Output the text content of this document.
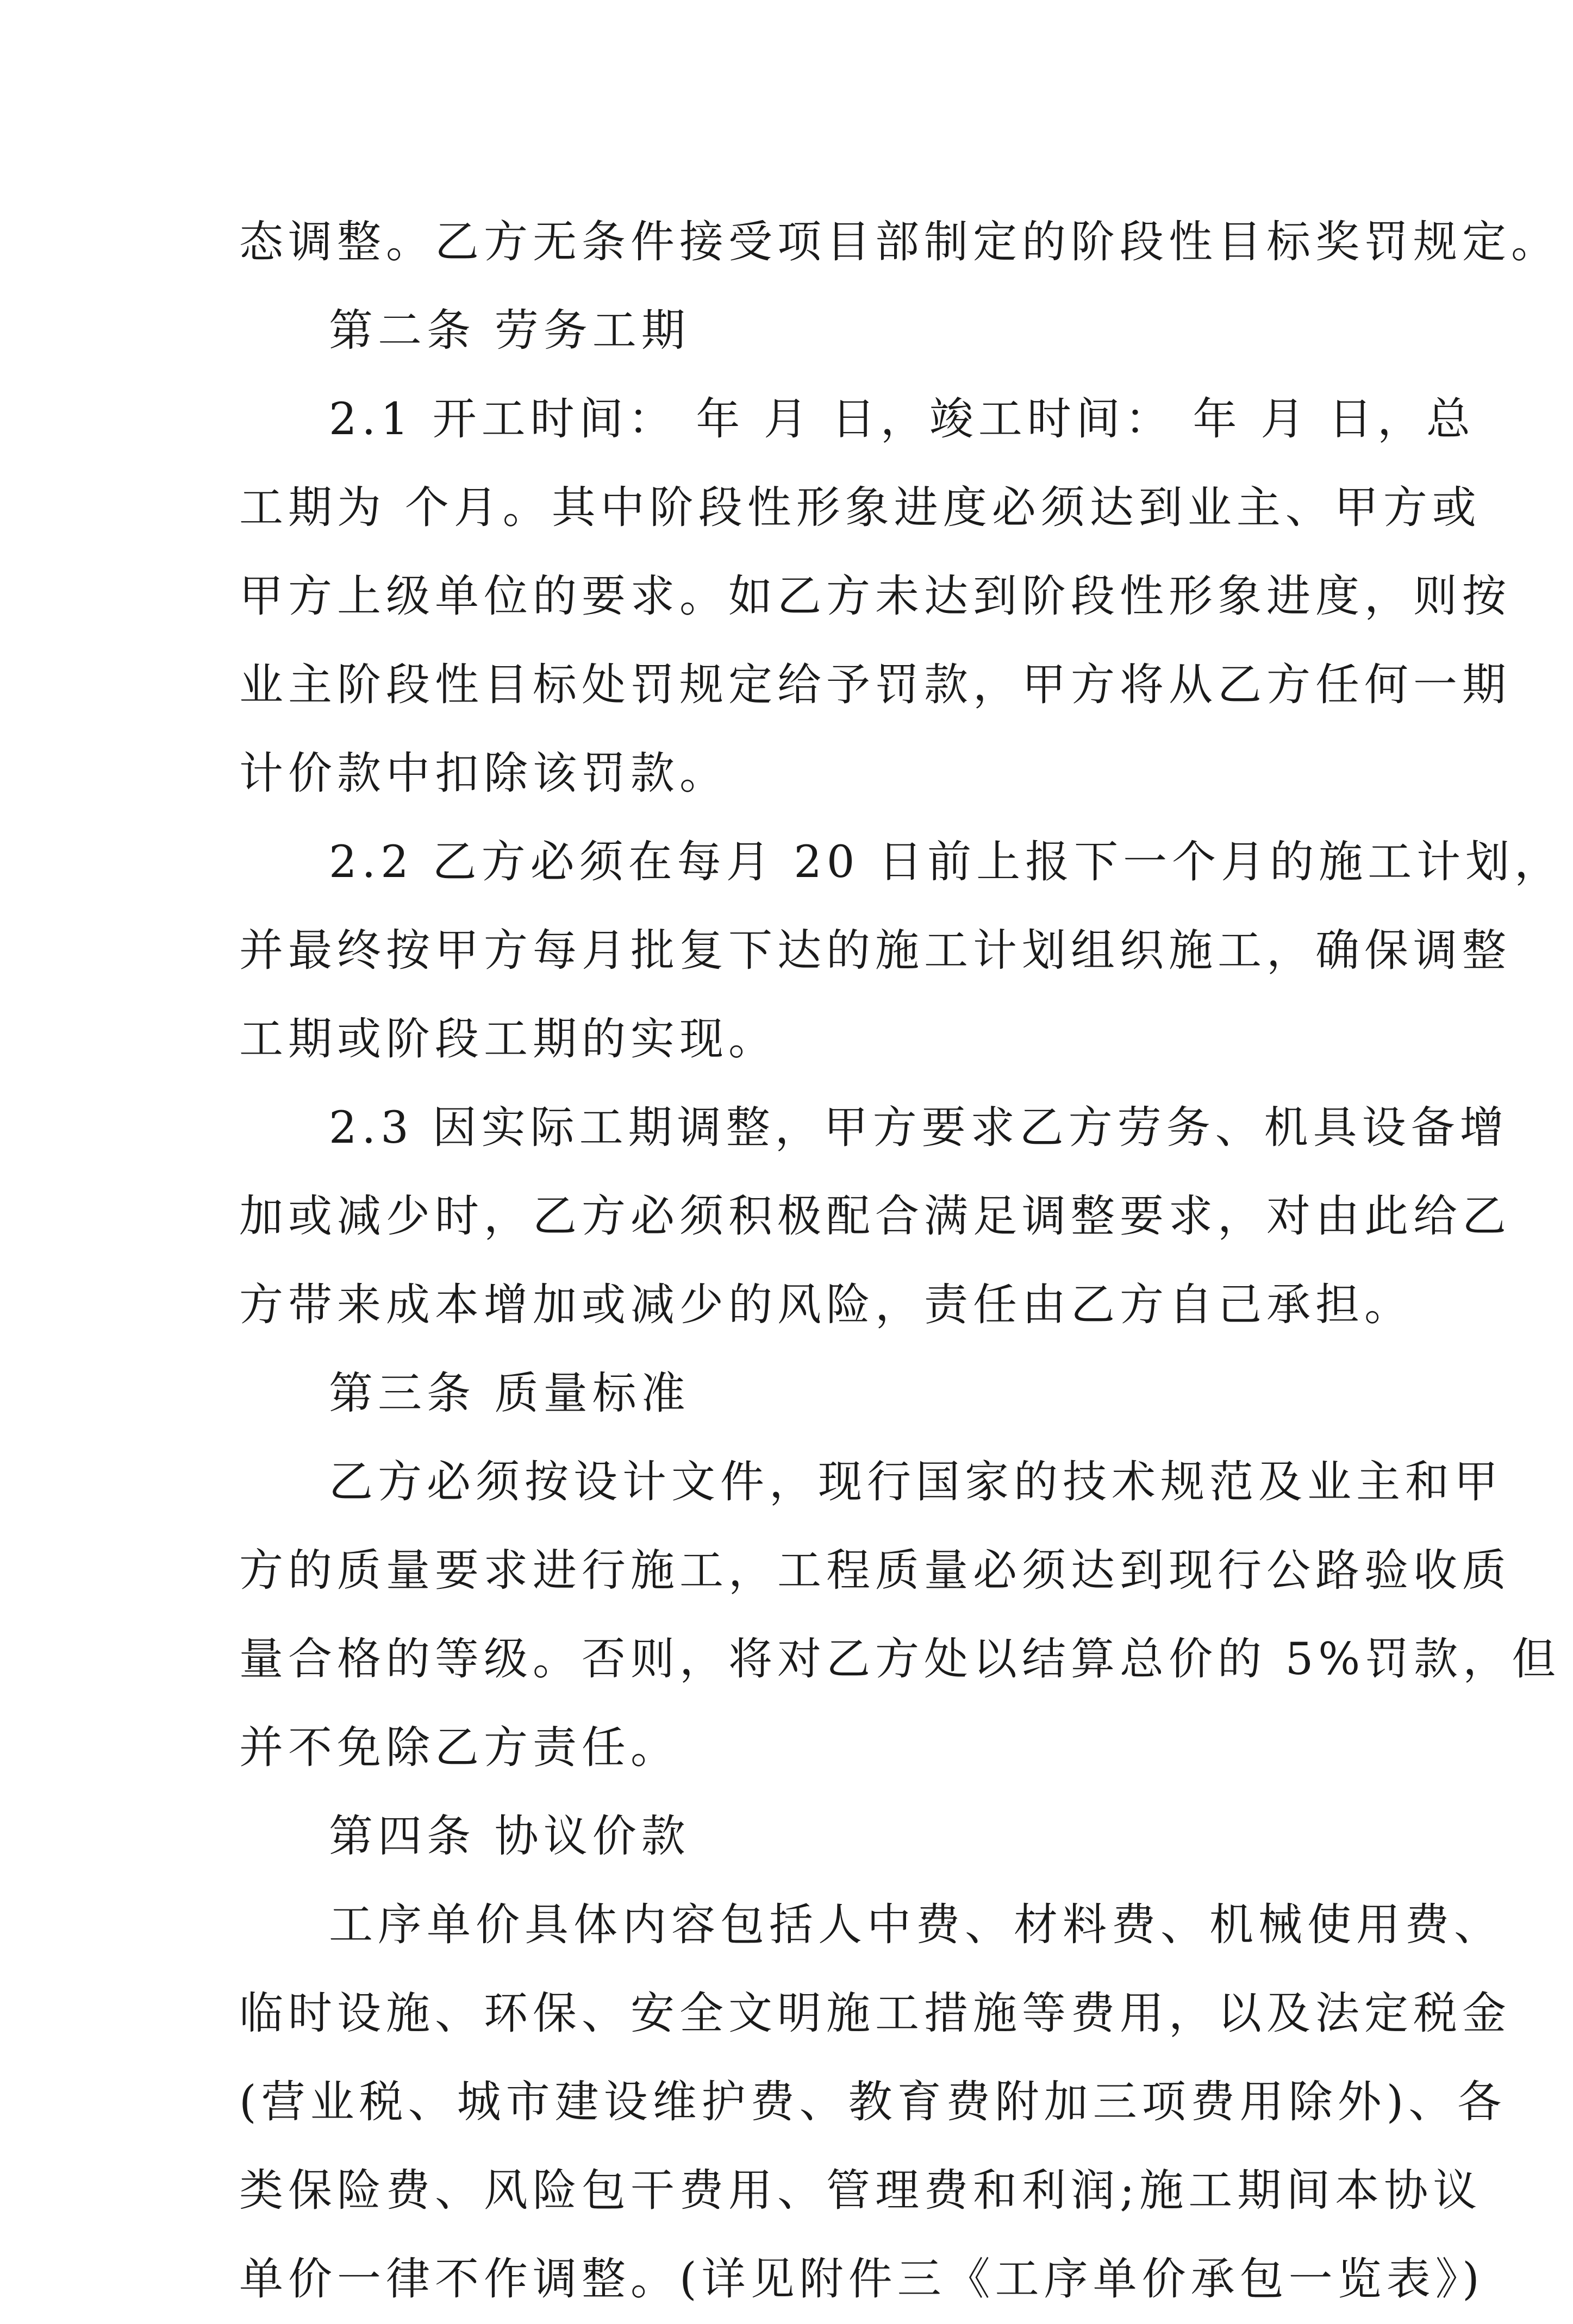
态调整。乙方无条件接受项目部制定的阶段性目标奖罚规定。
第二条 劳务工期
2.1 开工时间： 年 月 日，竣工时间： 年 月 日，总
工期为 个月。其中阶段性形象进度必须达到业主、甲方或
甲方上级单位的要求。如乙方未达到阶段性形象进度，则按
业主阶段性目标处罚规定给予罚款，甲方将从乙方任何一期
计价款中扣除该罚款。
2.2 乙方必须在每月 20 日前上报下一个月的施工计划，
并最终按甲方每月批复下达的施工计划组织施工，确保调整
工期或阶段工期的实现。
2.3 因实际工期调整，甲方要求乙方劳务、机具设备增
加或减少时，乙方必须积极配合满足调整要求，对由此给乙
方带来成本增加或减少的风险，责任由乙方自己承担。
第三条 质量标准
乙方必须按设计文件，现行国家的技术规范及业主和甲
方的质量要求进行施工，工程质量必须达到现行公路验收质
量合格的等级。否则，将对乙方处以结算总价的 5%罚款，但
并不免除乙方责任。
第四条 协议价款
工序单价具体内容包括人中费、材料费、机械使用费、
临时设施、环保、安全文明施工措施等费用，以及法定税金
(营业税、城市建设维护费、教育费附加三项费用除外)、各
类保险费、风险包干费用、管理费和利润;施工期间本协议
单价一律不作调整。(详见附件三《工序单价承包一览表》)
